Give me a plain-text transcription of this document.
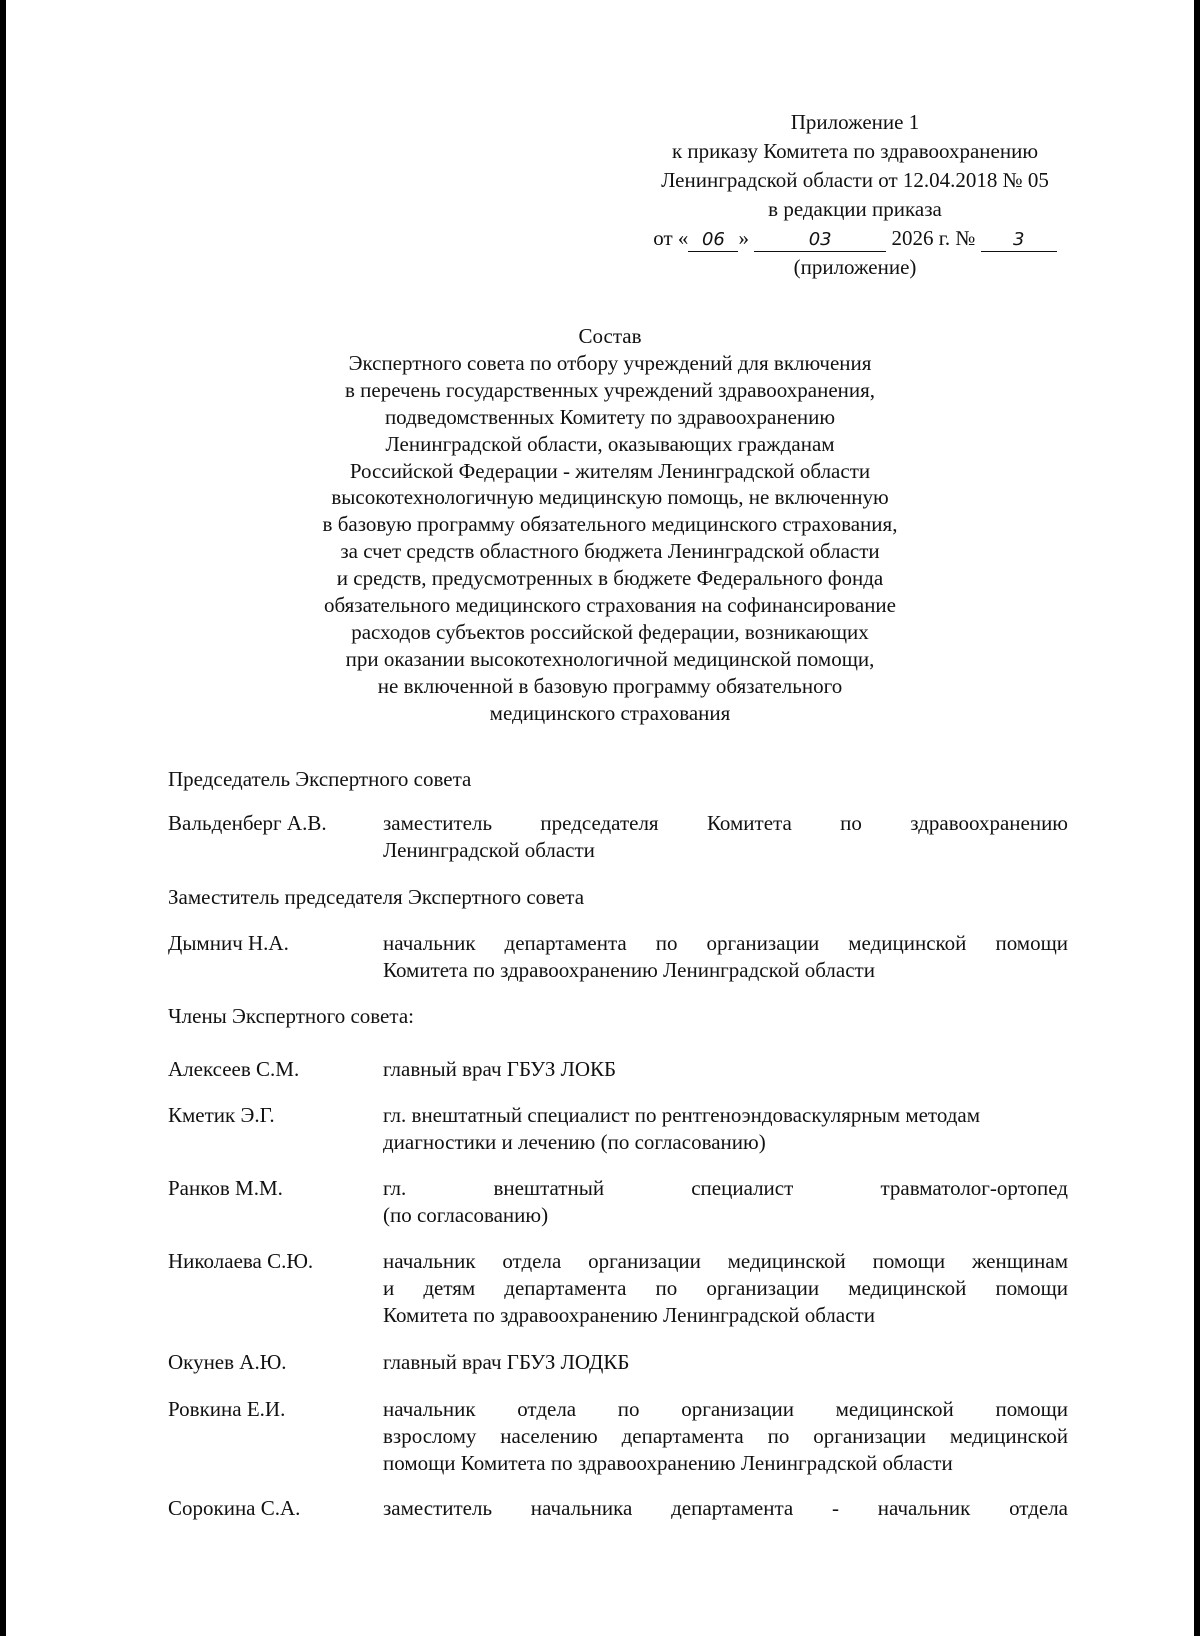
Приложение 1
к приказу Комитета по здравоохранению
Ленинградской области от 12.04.2018 № 05
в редакции приказа
от « 06 »	03	2026 г. № 3
(приложение)
Состав
Экспертного совета по отбору учреждений для включения
в перечень государственных учреждений здравоохранения,
подведомственных Комитету по здравоохранению
Ленинградской области, оказывающих гражданам
Российской Федерации - жителям Ленинградской области
высокотехнологичную медицинскую помощь, не включенную
в базовую программу обязательного медицинского страхования,
за счет средств областного бюджета Ленинградской области
и средств, предусмотренных в бюджете Федерального фонда
обязательного медицинского страхования на софинансирование
расходов субъектов российской федерации, возникающих
при оказании высокотехнологичной медицинской помощи,
не включенной в базовую программу обязательного
медицинского страхования
Председатель Экспертного совета
Вальденберг А.В.	заместитель председателя Комитета по здравоохранению
Ленинградской области
Заместитель председателя Экспертного совета
Дымнич Н.А.	начальник департамента по организации медицинской помощи
Комитета по здравоохранению Ленинградской области
Члены Экспертного совета:
Алексеев С.М.	главный врач ГБУЗ ЛОКБ
Кметик Э.Г.	гл. внештатный специалист по рентгеноэндоваскулярным методам
диагностики и лечению (по согласованию)
Ранков М.М.	гл. внештатный специалист травматолог-ортопед
(по согласованию)
Николаева С.Ю.	начальник отдела организации медицинской помощи женщинам
и детям департамента по организации медицинской помощи
Комитета по здравоохранению Ленинградской области
Окунев А.Ю.	главный врач ГБУЗ ЛОДКБ
Ровкина Е.И.	начальник отдела по организации медицинской помощи
взрослому населению департамента по организации медицинской
помощи Комитета по здравоохранению Ленинградской области
Сорокина С.А.	заместитель начальника департамента - начальник отдела
